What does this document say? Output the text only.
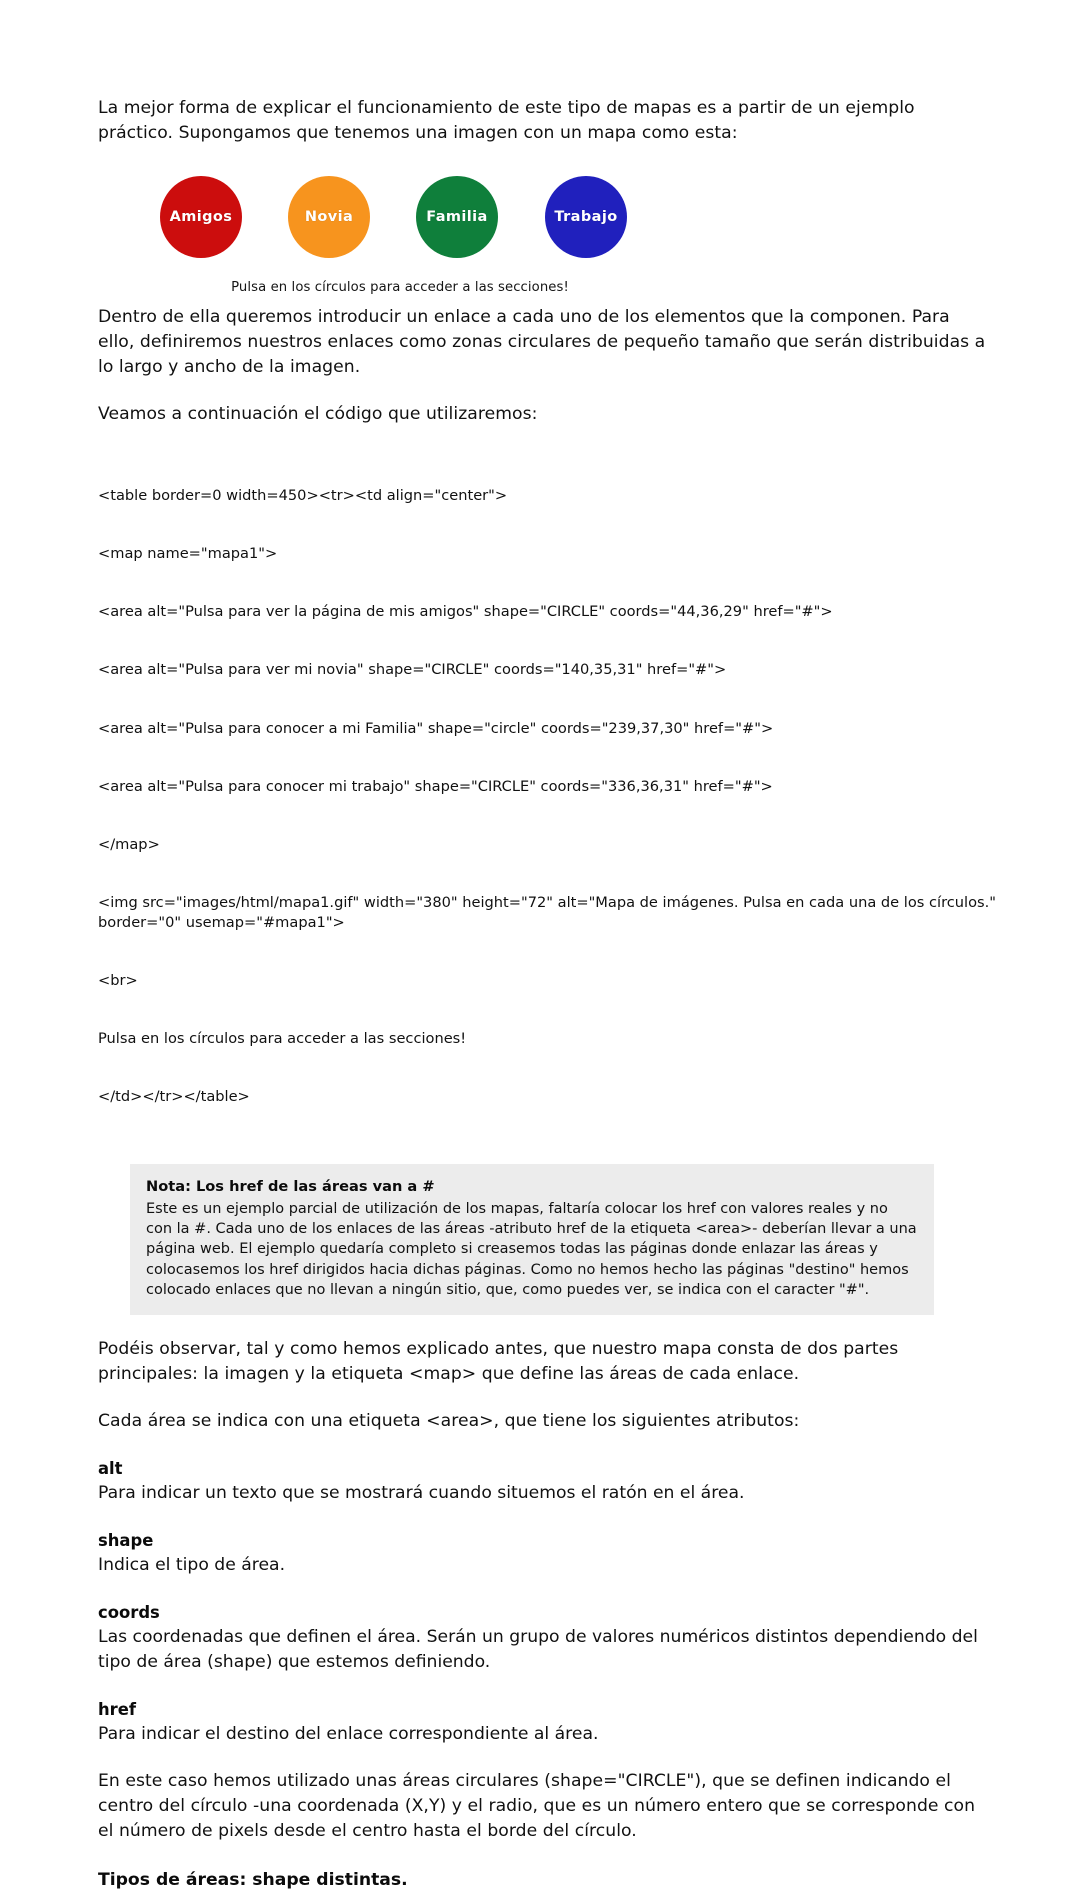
La mejor forma de explicar el funcionamiento de este tipo de mapas es a partir de un ejemplo práctico. Supongamos que tenemos una imagen con un mapa como esta:

Amigos	Novia	Familia	Trabajo
Pulsa en los círculos para acceder a las secciones!

Dentro de ella queremos introducir un enlace a cada uno de los elementos que la componen. Para ello, definiremos nuestros enlaces como zonas circulares de pequeño tamaño que serán distribuidas a lo largo y ancho de la imagen.

Veamos a continuación el código que utilizaremos:

<table border=0 width=450><tr><td align="center">

<map name="mapa1">

<area alt="Pulsa para ver la página de mis amigos" shape="CIRCLE" coords="44,36,29" href="#">

<area alt="Pulsa para ver mi novia" shape="CIRCLE" coords="140,35,31" href="#">

<area alt="Pulsa para conocer a mi Familia" shape="circle" coords="239,37,30" href="#">

<area alt="Pulsa para conocer mi trabajo" shape="CIRCLE" coords="336,36,31" href="#">

</map>

<img src="images/html/mapa1.gif" width="380" height="72" alt="Mapa de imágenes. Pulsa en cada una de los círculos." border="0" usemap="#mapa1">

<br>

Pulsa en los círculos para acceder a las secciones!

</td></tr></table>

Nota: Los href de las áreas van a #

Este es un ejemplo parcial de utilización de los mapas, faltaría colocar los href con valores reales y no con la #. Cada uno de los enlaces de las áreas -atributo href de la etiqueta <area>- deberían llevar a una página web. El ejemplo quedaría completo si creasemos todas las páginas donde enlazar las áreas y colocasemos los href dirigidos hacia dichas páginas. Como no hemos hecho las páginas "destino" hemos colocado enlaces que no llevan a ningún sitio, que, como puedes ver, se indica con el caracter "#".

Podéis observar, tal y como hemos explicado antes, que nuestro mapa consta de dos partes principales: la imagen y la etiqueta <map> que define las áreas de cada enlace.

Cada área se indica con una etiqueta <area>, que tiene los siguientes atributos:

alt

Para indicar un texto que se mostrará cuando situemos el ratón en el área.

shape

Indica el tipo de área.

coords

Las coordenadas que definen el área. Serán un grupo de valores numéricos distintos dependiendo del tipo de área (shape) que estemos definiendo.

href

Para indicar el destino del enlace correspondiente al área.

En este caso hemos utilizado unas áreas circulares (shape="CIRCLE"), que se definen indicando el centro del círculo -una coordenada (X,Y) y el radio, que es un número entero que se corresponde con el número de pixels desde el centro hasta el borde del círculo.

Tipos de áreas: shape distintas.
